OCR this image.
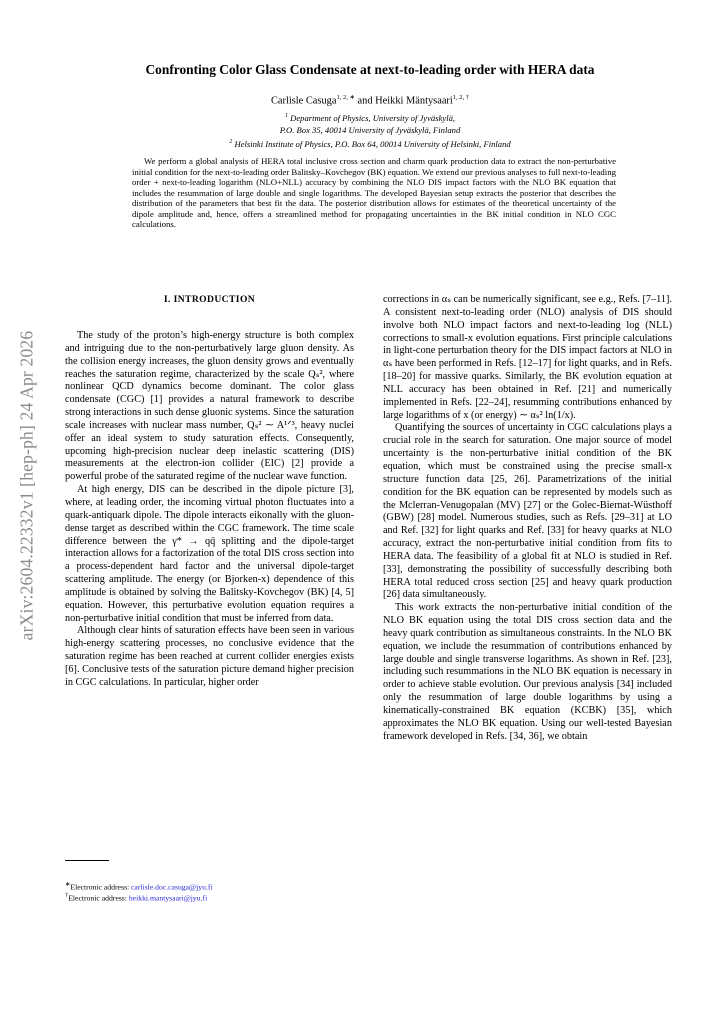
arXiv:2604.22332v1 [hep-ph] 24 Apr 2026
Confronting Color Glass Condensate at next-to-leading order with HERA data
Carlisle Casuga$^{1, 2, ∗}$ and Heikki Mäntysaari$^{1, 2, \dagger}$
$^1$ Department of Physics, University of Jyväskylä,
P.O. Box 35, 40014 University of Jyväskylä, Finland
$^2$ Helsinki Institute of Physics, P.O. Box 64, 00014 University of Helsinki, Finland

We perform a global analysis of HERA total inclusive cross section and charm quark production data to extract the non-perturbative initial condition for the next-to-leading order Balitsky–Kovchegov (BK) equation. We extend our previous analyses to full next-to-leading order + next-to-leading logarithm (NLO+NLL) accuracy by combining the NLO DIS impact factors with the NLO BK equation that includes the resummation of large double and single logarithms. The developed Bayesian setup extracts the posterior that describes the distribution of the parameters that best fit the data. The posterior distribution allows for estimates of the theoretical uncertainty of the dipole amplitude and, hence, offers a streamlined method for propagating uncertainties in the BK initial condition in NLO CGC calculations.

I. INTRODUCTION

The study of the proton’s high-energy structure is both complex and intriguing due to the non-perturbatively large gluon density. As the collision energy increases, the gluon density grows and eventually reaches the saturation regime, characterized by the scale Qₛ², where nonlinear QCD dynamics become dominant. The color glass condensate (CGC) [1] provides a natural framework to describe strong interactions in such dense gluonic systems. Since the saturation scale increases with nuclear mass number, Qₛ² ∼ A¹ᐟ³, heavy nuclei offer an ideal system to study saturation effects. Consequently, upcoming high-precision nuclear deep inelastic scattering (DIS) measurements at the electron-ion collider (EIC) [2] provide a powerful probe of the saturated regime of the nuclear wave function.

At high energy, DIS can be described in the dipole picture [3], where, at leading order, the incoming virtual photon fluctuates into a quark-antiquark dipole. The dipole interacts eikonally with the gluon-dense target as described within the CGC framework. The time scale difference between the γ* → qq̄ splitting and the dipole-target interaction allows for a factorization of the total DIS cross section into a process-dependent hard factor and the universal dipole-target scattering amplitude. The energy (or Bjorken-x) dependence of this amplitude is obtained by solving the Balitsky-Kovchegov (BK) [4, 5] equation. However, this perturbative evolution equation requires a non-perturbative initial condition that must be inferred from data.

Although clear hints of saturation effects have been seen in various high-energy scattering processes, no conclusive evidence that the saturation regime has been reached at current collider energies exists [6]. Conclusive tests of the saturation picture demand higher precision in CGC calculations. In particular, higher order

corrections in αₛ can be numerically significant, see e.g., Refs. [7–11]. A consistent next-to-leading order (NLO) analysis of DIS should involve both NLO impact factors and next-to-leading log (NLL) corrections to small-x evolution equations. First principle calculations in light-cone perturbation theory for the DIS impact factors at NLO in αₛ have been performed in Refs. [12–17] for light quarks, and in Refs. [18–20] for massive quarks. Similarly, the BK evolution equation at NLL accuracy has been obtained in Ref. [21] and numerically implemented in Refs. [22–24], resumming contributions enhanced by large logarithms of x (or energy) ∼ αₛ² ln(1/x).

Quantifying the sources of uncertainty in CGC calculations plays a crucial role in the search for saturation. One major source of model uncertainty is the non-perturbative initial condition of the BK equation, which must be constrained using the precise small-x structure function data [25, 26]. Parametrizations of the initial condition for the BK equation can be represented by models such as the Mclerran-Venugopalan (MV) [27] or the Golec-Biernat-Wüsthoff (GBW) [28] model. Numerous studies, such as Refs. [29–31] at LO and Ref. [32] for light quarks and Ref. [33] for heavy quarks at NLO accuracy, extract the non-perturbative initial condition from fits to HERA data. The feasibility of a global fit at NLO is studied in Ref. [33], demonstrating the possibility of successfully describing both HERA total reduced cross section [25] and heavy quark production [26] data simultaneously.

This work extracts the non-perturbative initial condition of the NLO BK equation using the total DIS cross section data and the heavy quark contribution as simultaneous constraints. In the NLO BK equation, we include the resummation of contributions enhanced by large double and single transverse logarithms. As shown in Ref. [23], including such resummations in the NLO BK equation is necessary in order to achieve stable evolution. Our previous analysis [34] included only the resummation of large double logarithms by using a kinematically-constrained BK equation (KCBK) [35], which approximates the NLO BK equation. Using our well-tested Bayesian framework developed in Refs. [34, 36], we obtain

∗Electronic address: carlisle.doc.casuga@jyu.fi
†Electronic address: heikki.mantysaari@jyu.fi
